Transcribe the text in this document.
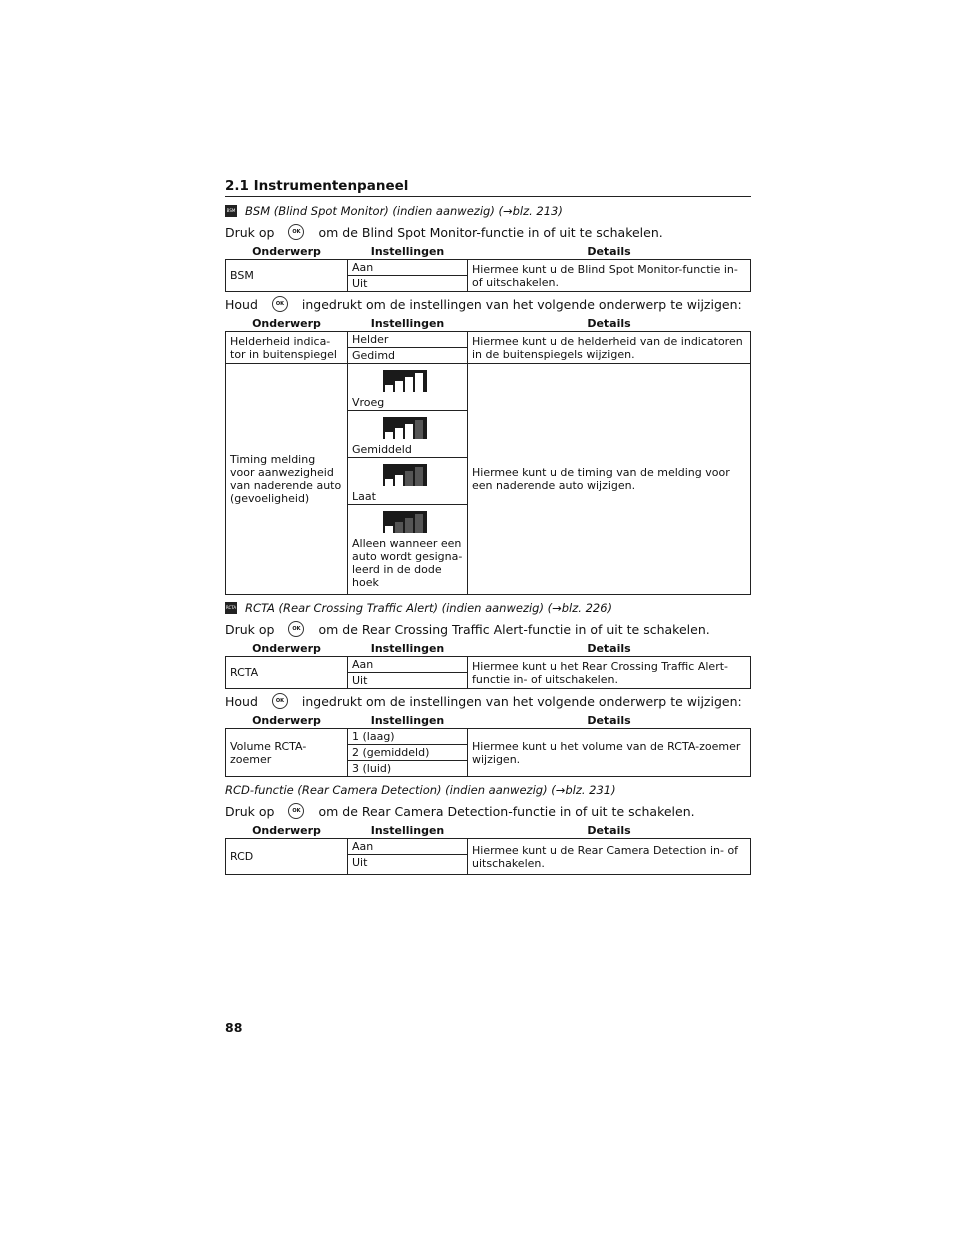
2.1 Instrumentenpaneel
BSM BSM (Blind Spot Monitor) (indien aanwezig) (→blz. 213)
Druk op	OK	om de Blind Spot Monitor-functie in of uit te schakelen.
Onderwerp	Instellingen	Details
BSM	Aan	Hiermee kunt u de Blind Spot Monitor-functie in- of uitschakelen.
	Uit	
Houd	OK	ingedrukt om de instellingen van het volgende onderwerp te wijzigen:
Onderwerp	Instellingen	Details
Helderheid indica-tor in buitenspiegel	Helder	Hiermee kunt u de helderheid van de indicatoren in de buitenspiegels wijzigen.
	Gedimd	
Timing melding voor aanwezigheid van naderende auto (gevoeligheid)	Vroeg	Hiermee kunt u de timing van de melding voor een naderende auto wijzigen.

	Gemiddeld	

	Laat	

	Alleen wanneer een auto wordt gesigna-leerd in de dode hoek	
RCTA RCTA (Rear Crossing Traffic Alert) (indien aanwezig) (→blz. 226)
Druk op	OK	om de Rear Crossing Traffic Alert-functie in of uit te schakelen.
Onderwerp	Instellingen	Details
RCTA	Aan	Hiermee kunt u het Rear Crossing Traffic Alert-functie in- of uitschakelen.
	Uit	
Houd	OK	ingedrukt om de instellingen van het volgende onderwerp te wijzigen:
Onderwerp	Instellingen	Details
Volume RCTA-zoemer	1 (laag)	Hiermee kunt u het volume van de RCTA-zoemer wijzigen.
	2 (gemiddeld)	
	3 (luid)	
RCD-functie (Rear Camera Detection) (indien aanwezig) (→blz. 231)
Druk op	OK	om de Rear Camera Detection-functie in of uit te schakelen.
Onderwerp	Instellingen	Details
RCD	Aan	Hiermee kunt u de Rear Camera Detection in- of uitschakelen.
	Uit	
88
